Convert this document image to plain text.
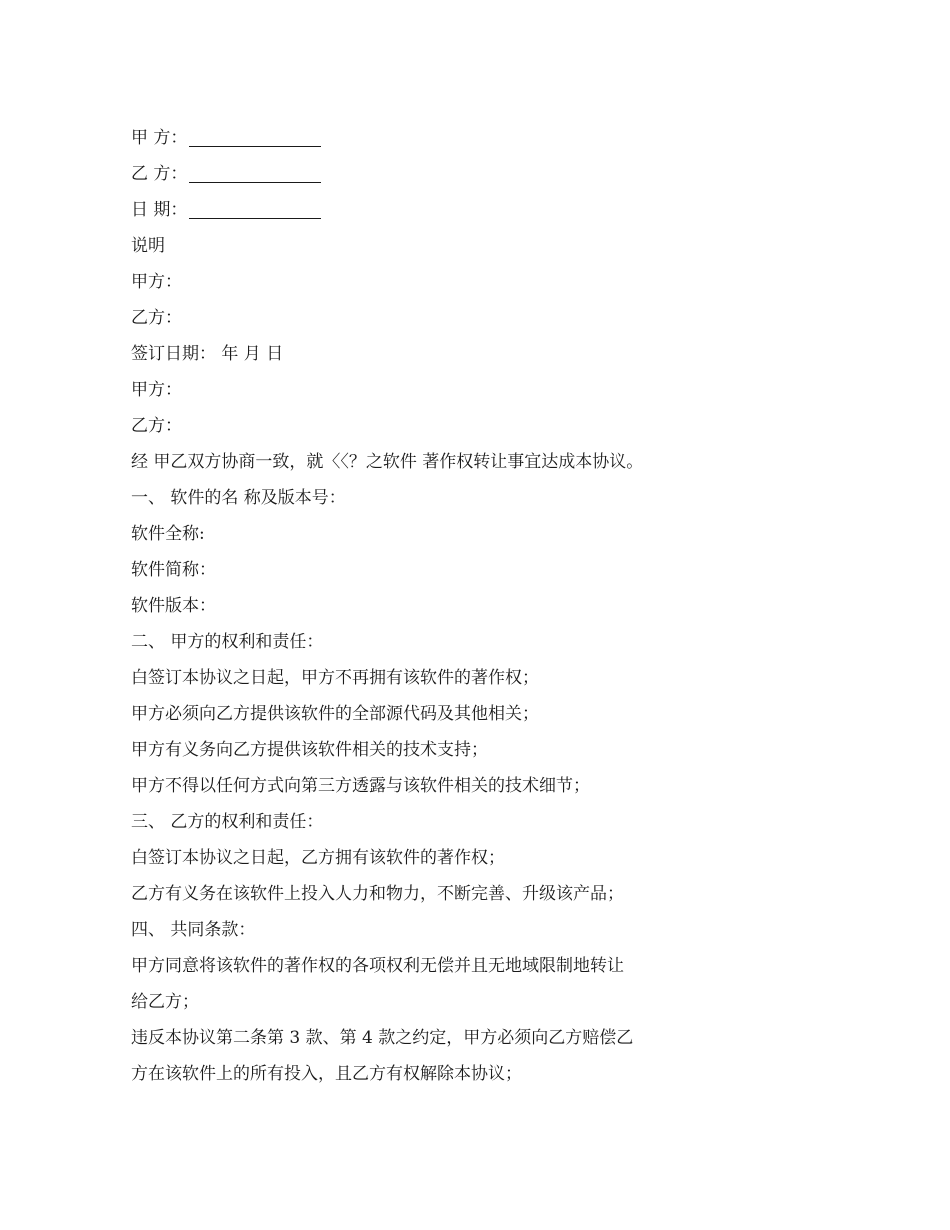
甲 方：
乙 方：
日 期：
说明
甲方：
乙方：
签订日期： 年 月 日
甲方：
乙方：
经 甲乙双方协商一致，就〈〈？之软件 著作权转让事宜达成本协议。
一、 软件的名 称及版本号：
软件全称:
软件简称：
软件版本：
二、 甲方的权利和责任：
白签订本协议之日起，甲方不再拥有该软件的著作权；
甲方必须向乙方提供该软件的全部源代码及其他相关；
甲方有义务向乙方提供该软件相关的技术支持；
甲方不得以任何方式向第三方透露与该软件相关的技术细节；
三、 乙方的权利和责任：
白签订本协议之日起，乙方拥有该软件的著作权；
乙方有义务在该软件上投入人力和物力，不断完善、升级该产品；
四、 共同条款：
甲方同意将该软件的著作权的各项权利无偿并且无地域限制地转让
给乙方；
违反本协议第二条第 3 款、第 4 款之约定，甲方必须向乙方赔偿乙
方在该软件上的所有投入，且乙方有权解除本协议；
